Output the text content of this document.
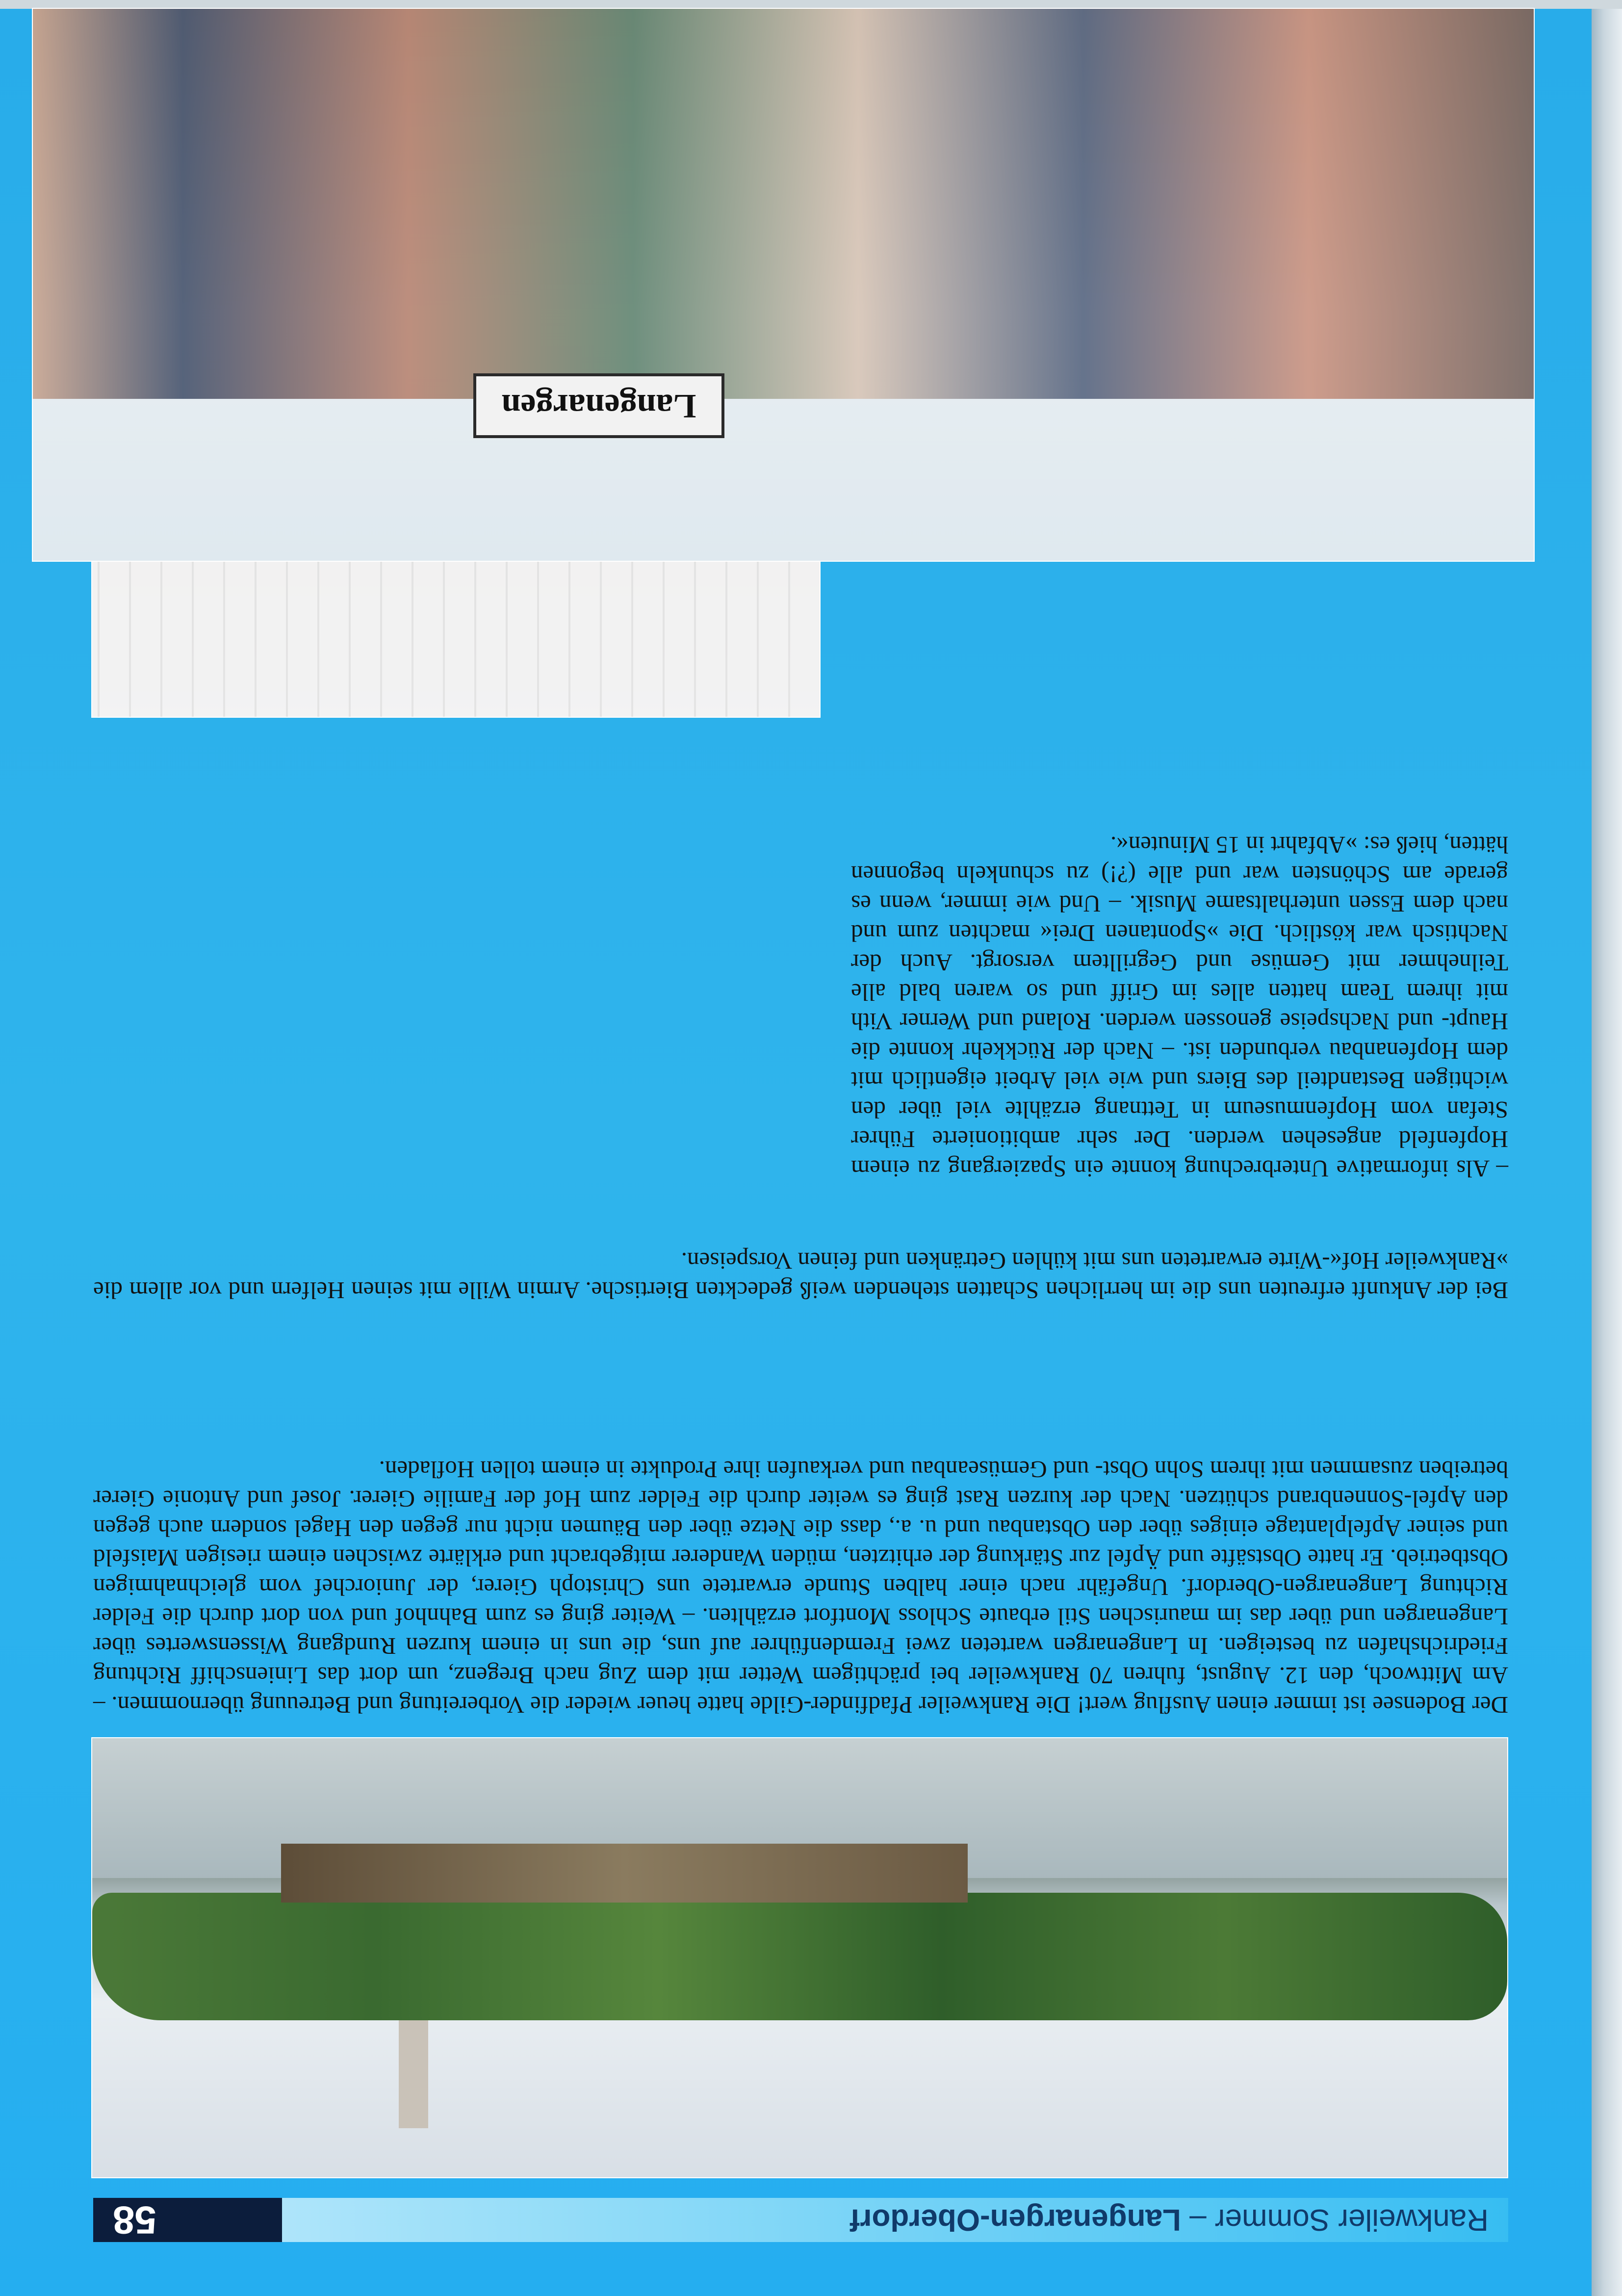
Rankweiler Sommer – Langenargen-Oberdorf
58

Der Bodensee ist immer einen Ausflug wert! Die Rankweiler Pfadfinder-Gilde hatte heuer wieder die Vorbereitung und Betreuung übernommen. – Am Mittwoch, den 12. August, fuhren 70 Rankweiler bei prächtigem Wetter mit dem Zug nach Bregenz, um dort das Linienschiff Richtung Friedrichshafen zu besteigen. In Langenargen warteten zwei Fremdenführer auf uns, die uns in einem kurzen Rundgang Wissenswertes über Langenargen und über das im maurischen Stil erbaute Schloss Montfort erzählten. – Weiter ging es zum Bahnhof und von dort durch die Felder Richtung Langenargen-Oberdorf. Ungefähr nach einer halben Stunde erwartete uns Christoph Gierer, der Juniorchef vom gleichnahmigen Obstbetrieb. Er hatte Obstsäfte und Äpfel zur Stärkung der erhitzten, müden Wanderer mitgebracht und erklärte zwischen einem riesigen Maisfeld und seiner Apfelplantage einiges über den Obstanbau und u. a., dass die Netze über den Bäumen nicht nur gegen den Hagel sondern auch gegen den Apfel-Sonnenbrand schützen. Nach der kurzen Rast ging es weiter durch die Felder zum Hof der Familie Gierer. Josef und Antonie Gierer betreiben zusammen mit ihrem Sohn Obst- und Gemüseanbau und verkaufen ihre Produkte in einem tollen Hofladen.

Bei der Ankunft erfreuten uns die im herrlichen Schatten stehenden weiß gedeckten Biertische. Armin Wille mit seinen Helfern und vor allem die »Rankweiler Hof«-Wirte erwarteten uns mit kühlen Getränken und feinen Vorspeisen.

– Als informative Unterbrechung konnte ein Spaziergang zu einem Hopfenfeld angesehen werden. Der sehr ambitionierte Führer Stefan vom Hopfenmuseum in Tettnang erzählte viel über den wichtigen Bestandteil des Biers und wie viel Arbeit eigentlich mit dem Hopfenanbau verbunden ist. – Nach der Rückkehr konnte die Haupt- und Nachspeise genossen werden. Roland und Werner Vith mit ihrem Team hatten alles im Griff und so waren bald alle Teilnehmer mit Gemüse und Gegrilltem versorgt. Auch der Nachtisch war köstlich. Die »Spontanen Drei« machten zum und nach dem Essen unterhaltsame Musik. – Und wie immer, wenn es gerade am Schönsten war und alle (?!) zu schunkeln begonnen hätten, hieß es: »Abfahrt in 15 Minuten«.

Langenargen
